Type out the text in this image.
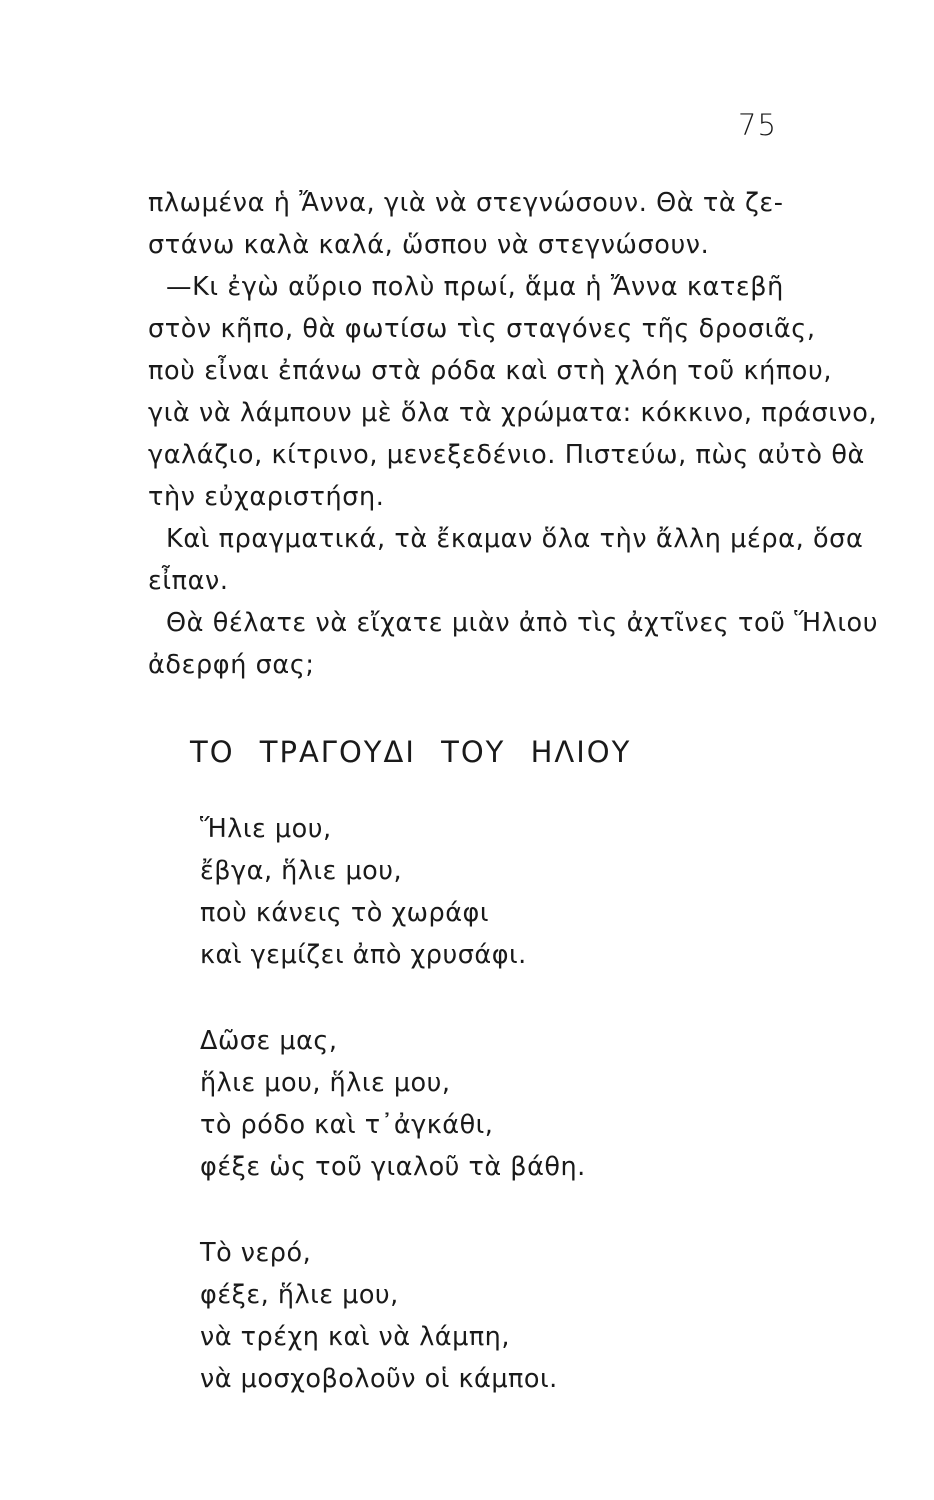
75
πλωμένα ἡ Ἄννα, γιὰ νὰ στεγνώσουν. Θὰ τὰ ζε-
στάνω καλὰ καλά, ὥσπου νὰ στεγνώσουν.
—Κι ἐγὼ αὔριο πολὺ πρωί, ἅμα ἡ Ἄννα κατεβῆ
στὸν κῆπο, θὰ φωτίσω τὶς σταγόνες τῆς δροσιᾶς,
ποὺ εἶναι ἐπάνω στὰ ρόδα καὶ στὴ χλόη τοῦ κήπου,
γιὰ νὰ λάμπουν μὲ ὅλα τὰ χρώματα: κόκκινο, πράσινο,
γαλάζιο, κίτρινο, μενεξεδένιο. Πιστεύω, πὼς αὐτὸ θὰ
τὴν εὐχαριστήση.
Καὶ πραγματικά, τὰ ἔκαμαν ὅλα τὴν ἄλλη μέρα, ὅσα
εἶπαν.
Θὰ θέλατε νὰ εἴχατε μιὰν ἀπὸ τὶς ἀχτῖνες τοῦ Ἥλιου
ἀδερφή σας;
ΤΟ ΤΡΑΓΟΥΔΙ ΤΟΥ ΗΛΙΟΥ
Ἥλιε μου,
ἔβγα, ἥλιε μου,
ποὺ κάνεις τὸ χωράφι
καὶ γεμίζει ἀπὸ χρυσάφι.
Δῶσε μας,
ἥλιε μου, ἥλιε μου,
τὸ ρόδο καὶ τ᾽ἀγκάθι,
φέξε ὡς τοῦ γιαλοῦ τὰ βάθη.
Τὸ νερό,
φέξε, ἥλιε μου,
νὰ τρέχη καὶ νὰ λάμπη,
νὰ μοσχοβολοῦν οἱ κάμποι.
